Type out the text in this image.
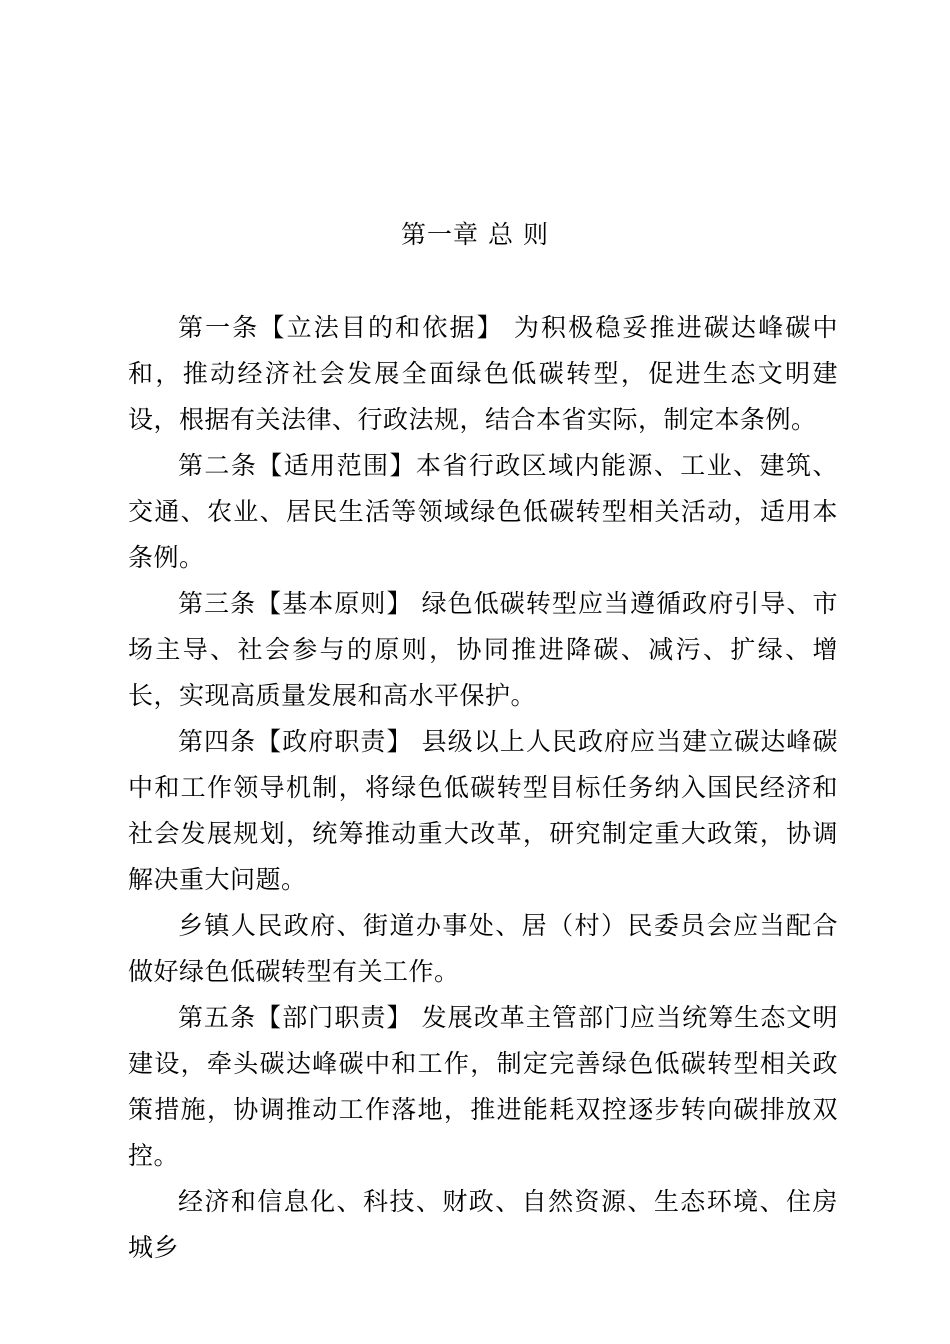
第一章 总 则

第一条【立法目的和依据】 为积极稳妥推进碳达峰碳中和，推动经济社会发展全面绿色低碳转型，促进生态文明建设，根据有关法律、行政法规，结合本省实际，制定本条例。

第二条【适用范围】本省行政区域内能源、工业、建筑、交通、农业、居民生活等领域绿色低碳转型相关活动，适用本条例。

第三条【基本原则】 绿色低碳转型应当遵循政府引导、市场主导、社会参与的原则，协同推进降碳、减污、扩绿、增长，实现高质量发展和高水平保护。

第四条【政府职责】 县级以上人民政府应当建立碳达峰碳中和工作领导机制，将绿色低碳转型目标任务纳入国民经济和社会发展规划，统筹推动重大改革，研究制定重大政策，协调解决重大问题。

乡镇人民政府、街道办事处、居（村）民委员会应当配合做好绿色低碳转型有关工作。

第五条【部门职责】 发展改革主管部门应当统筹生态文明建设，牵头碳达峰碳中和工作，制定完善绿色低碳转型相关政策措施，协调推动工作落地，推进能耗双控逐步转向碳排放双控。

经济和信息化、科技、财政、自然资源、生态环境、住房城乡
